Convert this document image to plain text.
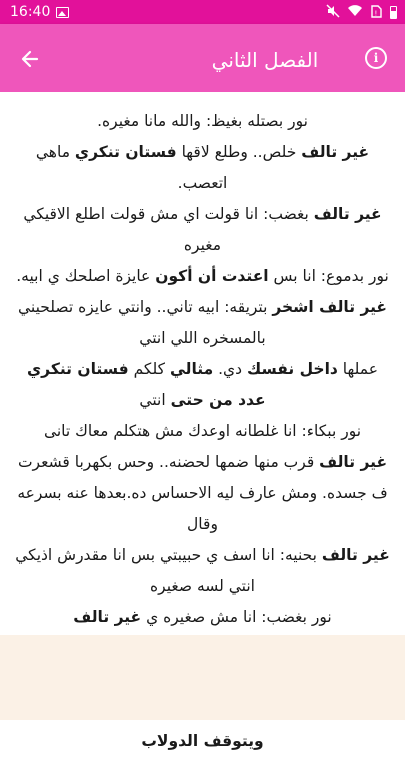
16:40	!
الفصل الثاني	i

نور بصتله بغيظ: والله مانا مغيره.

غير تالف خلص.. وطلع لاقها فستان تنكري ماهي اتعصب.

غير تالف بغضب: انا قولت اي مش قولت اطلع الاقيكي مغيره

نور بدموع: انا بس اعتدت أن أكون عايزة اصلحك ي ابيه.

غير تالف اشخر بتريقه: ابيه تاني.. وانتي عايزه تصلحيني بالمسخره اللي انتي

عملها داخل نفسك دي. مثالي كلكم فستان تنكري عدد من حتى انتي

نور ببكاء: انا غلطانه اوعدك مش هتكلم معاك تانى

غير تالف قرب منها ضمها لحضنه.. وحس بكهربا قشعرت ف جسده. ومش عارف ليه الاحساس ده.بعدها عنه بسرعه وقال

غير تالف بحنيه: انا اسف ي حبيبتي بس انا مقدرش اذيكي انتي لسه صغيره

نور بغضب: انا مش صغيره ي غير تالف

ويتوقف الدولاب
